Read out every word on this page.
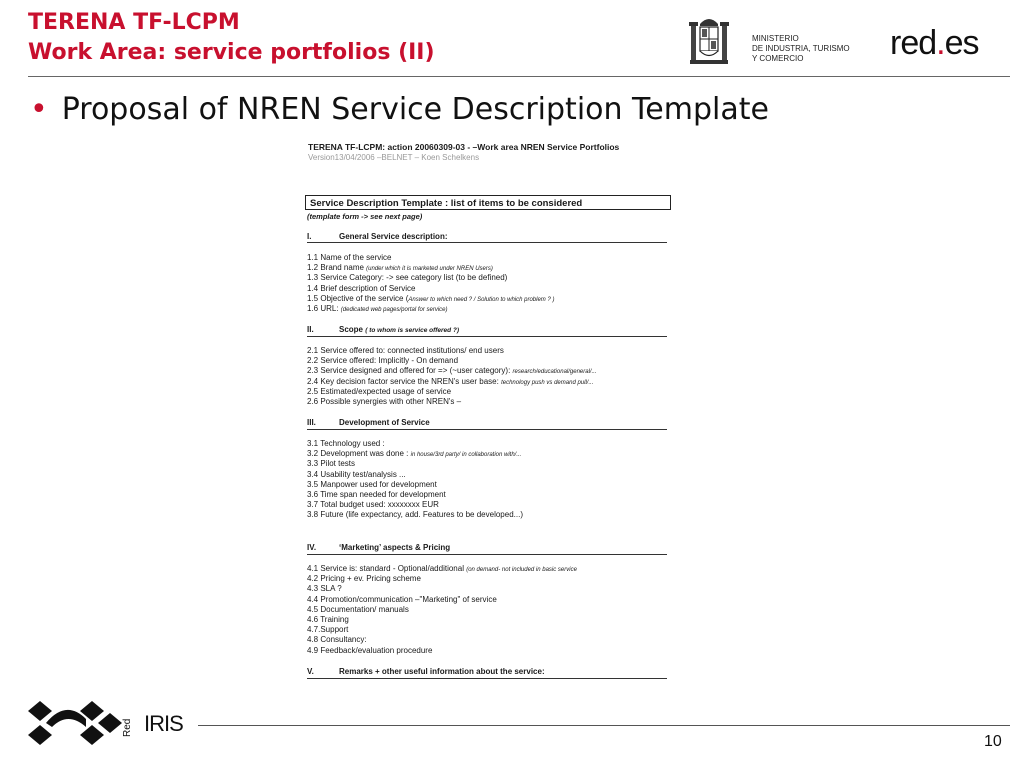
TERENA TF-LCPM
Work Area: service portfolios (II)
MINISTERIO
DE INDUSTRIA, TURISMO
Y COMERCIO	red.es
• Proposal of NREN Service Description Template
TERENA TF-LCPM: action 20060309-03 - –Work area NREN Service Portfolios
Version13/04/2006 –BELNET – Koen Schelkens
Service Description Template : list of items to be considered
(template form -> see next page)
I.	General Service description:
II.	Scope ( to whom is service offered ?)
III.	Development of Service
IV.	‘Marketing’ aspects & Pricing
V.	Remarks + other useful information about the service:
1.1 Name of the service
1.2 Brand name (under which it is marketed under NREN Users)
1.3 Service Category: -> see category list (to be defined)
1.4 Brief description of Service
1.5 Objective of the service (Answer to which need ? / Solution to which problem ? )
1.6 URL: (dedicated web pages/portal for service)
2.1 Service offered to: connected institutions/ end users
2.2 Service offered: Implicitly - On demand
2.3 Service designed and offered for => (~user category): research/educational/general/...
2.4 Key decision factor service the NREN's user base: technology push vs demand pull/...
2.5 Estimated/expected usage of service
2.6 Possible synergies with other NREN's –
3.1 Technology used :
3.2 Development was done : in house/3rd party/ in collaboration with/...
3.3 Pilot tests
3.4 Usability test/analysis ...
3.5 Manpower used for development
3.6 Time span needed for development
3.7 Total budget used: xxxxxxxx EUR
3.8 Future (life expectancy, add. Features to be developed...)
4.1 Service is: standard - Optional/additional (on demand- not included in basic service
4.2 Pricing + ev. Pricing scheme
4.3 SLA ?
4.4 Promotion/communication –"Marketing" of service
4.5 Documentation/ manuals
4.6 Training
4.7.Support
4.8 Consultancy:
4.9 Feedback/evaluation procedure
Red IRIS
10
